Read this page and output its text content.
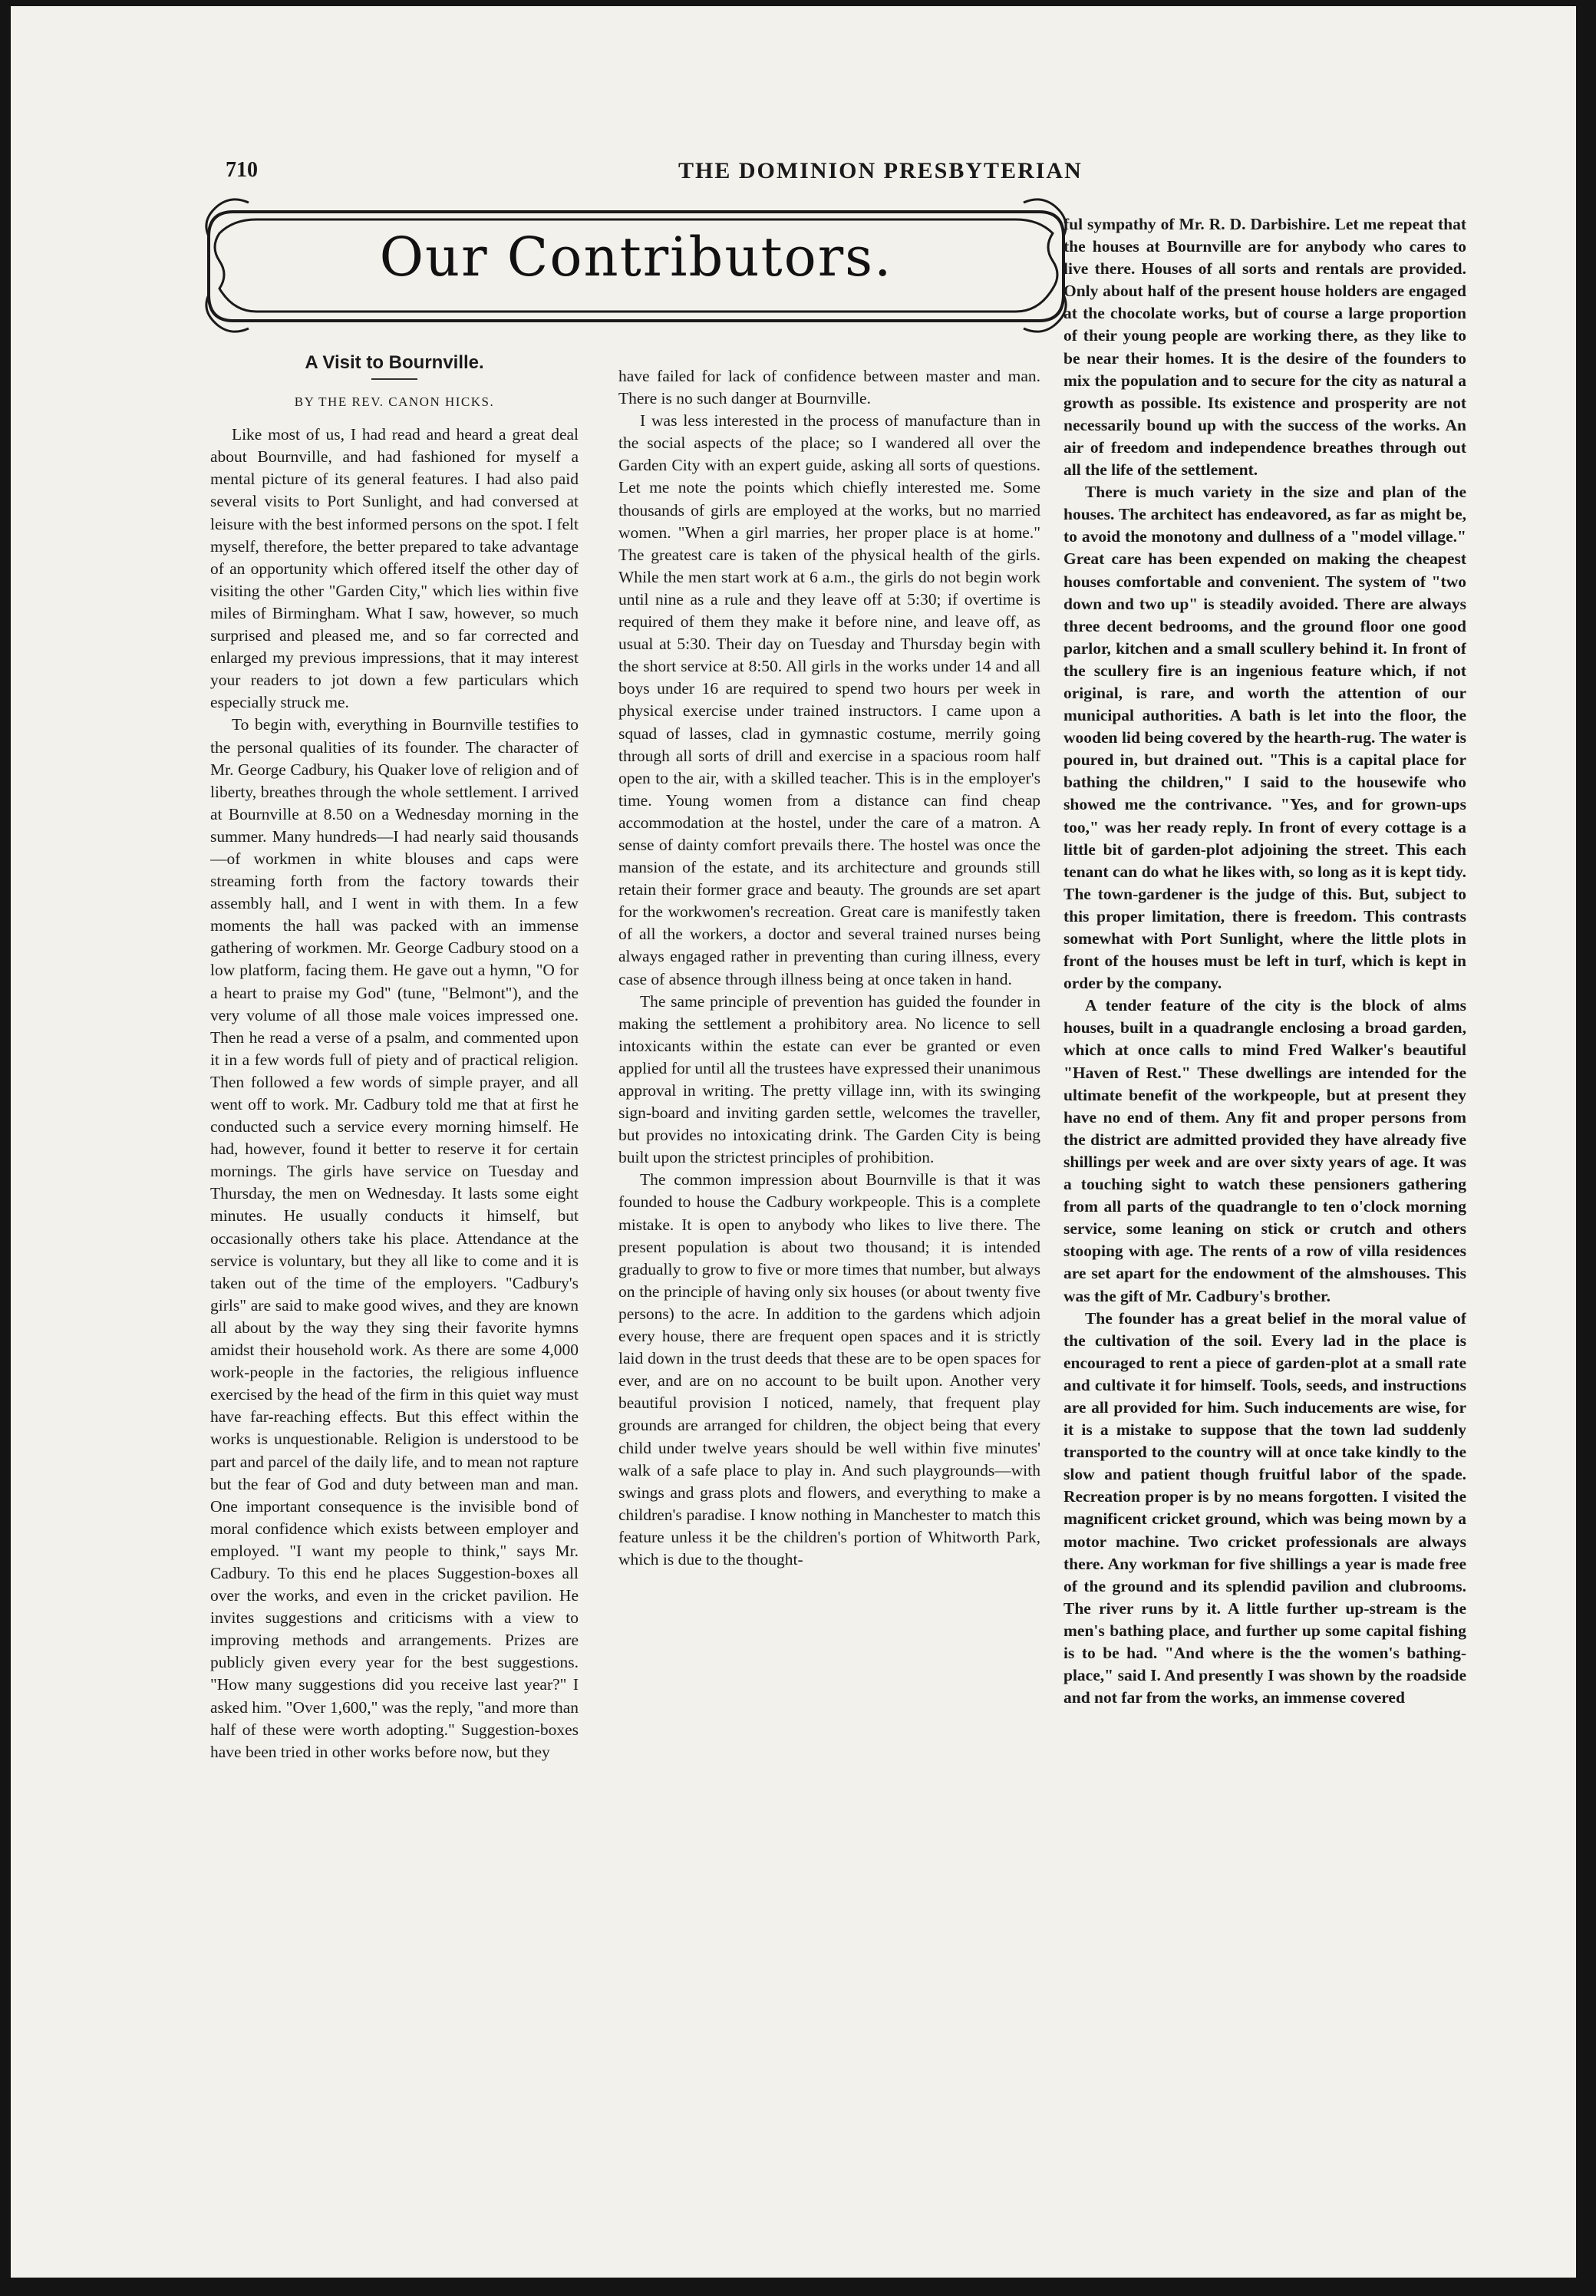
710	THE DOMINION PRESBYTERIAN
Our Contributors.
A Visit to Bournville.
BY THE REV. CANON HICKS.

Like most of us, I had read and heard a great deal about Bournville, and had fashioned for myself a mental picture of its general features. I had also paid several visits to Port Sunlight, and had conversed at leisure with the best informed persons on the spot. I felt myself, therefore, the better prepared to take advantage of an opportunity which offered itself the other day of visiting the other "Garden City," which lies within five miles of Birmingham. What I saw, however, so much surprised and pleased me, and so far corrected and enlarged my previous impressions, that it may interest your readers to jot down a few particulars which especially struck me.

To begin with, everything in Bournville testifies to the personal qualities of its founder. The character of Mr. George Cadbury, his Quaker love of religion and of liberty, breathes through the whole settlement. I arrived at Bournville at 8.50 on a Wednesday morning in the summer. Many hundreds—I had nearly said thousands—of workmen in white blouses and caps were streaming forth from the factory towards their assembly hall, and I went in with them. In a few moments the hall was packed with an immense gathering of workmen. Mr. George Cadbury stood on a low platform, facing them. He gave out a hymn, "O for a heart to praise my God" (tune, "Belmont"), and the very volume of all those male voices impressed one. Then he read a verse of a psalm, and commented upon it in a few words full of piety and of practical religion. Then followed a few words of simple prayer, and all went off to work. Mr. Cadbury told me that at first he conducted such a service every morning himself. He had, however, found it better to reserve it for certain mornings. The girls have service on Tuesday and Thursday, the men on Wednesday. It lasts some eight minutes. He usually conducts it himself, but occasionally others take his place. Attendance at the service is voluntary, but they all like to come and it is taken out of the time of the employers. "Cadbury's girls" are said to make good wives, and they are known all about by the way they sing their favorite hymns amidst their household work. As there are some 4,000 work-people in the factories, the religious influence exercised by the head of the firm in this quiet way must have far-reaching effects. But this effect within the works is unquestionable. Religion is understood to be part and parcel of the daily life, and to mean not rapture but the fear of God and duty between man and man. One important consequence is the invisible bond of moral confidence which exists between employer and employed. "I want my people to think," says Mr. Cadbury. To this end he places Suggestion-boxes all over the works, and even in the cricket pavilion. He invites suggestions and criticisms with a view to improving methods and arrangements. Prizes are publicly given every year for the best suggestions. "How many suggestions did you receive last year?" I asked him. "Over 1,600," was the reply, "and more than half of these were worth adopting." Suggestion-boxes have been tried in other works before now, but they

have failed for lack of confidence between master and man. There is no such danger at Bournville.

I was less interested in the process of manufacture than in the social aspects of the place; so I wandered all over the Garden City with an expert guide, asking all sorts of questions. Let me note the points which chiefly interested me. Some thousands of girls are employed at the works, but no married women. "When a girl marries, her proper place is at home." The greatest care is taken of the physical health of the girls. While the men start work at 6 a.m., the girls do not begin work until nine as a rule and they leave off at 5:30; if overtime is required of them they make it before nine, and leave off, as usual at 5:30. Their day on Tuesday and Thursday begin with the short service at 8:50. All girls in the works under 14 and all boys under 16 are required to spend two hours per week in physical exercise under trained instructors. I came upon a squad of lasses, clad in gymnastic costume, merrily going through all sorts of drill and exercise in a spacious room half open to the air, with a skilled teacher. This is in the employer's time. Young women from a distance can find cheap accommodation at the hostel, under the care of a matron. A sense of dainty comfort prevails there. The hostel was once the mansion of the estate, and its architecture and grounds still retain their former grace and beauty. The grounds are set apart for the workwomen's recreation. Great care is manifestly taken of all the workers, a doctor and several trained nurses being always engaged rather in preventing than curing illness, every case of absence through illness being at once taken in hand.

The same principle of prevention has guided the founder in making the settlement a prohibitory area. No licence to sell intoxicants within the estate can ever be granted or even applied for until all the trustees have expressed their unanimous approval in writing. The pretty village inn, with its swinging sign-board and inviting garden settle, welcomes the traveller, but provides no intoxicating drink. The Garden City is being built upon the strictest principles of prohibition.

The common impression about Bournville is that it was founded to house the Cadbury workpeople. This is a complete mistake. It is open to anybody who likes to live there. The present population is about two thousand; it is intended gradually to grow to five or more times that number, but always on the principle of having only six houses (or about twenty five persons) to the acre. In addition to the gardens which adjoin every house, there are frequent open spaces and it is strictly laid down in the trust deeds that these are to be open spaces for ever, and are on no account to be built upon. Another very beautiful provision I noticed, namely, that frequent play grounds are arranged for children, the object being that every child under twelve years should be well within five minutes' walk of a safe place to play in. And such playgrounds—with swings and grass plots and flowers, and everything to make a children's paradise. I know nothing in Manchester to match this feature unless it be the children's portion of Whitworth Park, which is due to the thought-

ful sympathy of Mr. R. D. Darbishire. Let me repeat that the houses at Bournville are for anybody who cares to live there. Houses of all sorts and rentals are provided. Only about half of the present house holders are engaged at the chocolate works, but of course a large proportion of their young people are working there, as they like to be near their homes. It is the desire of the founders to mix the population and to secure for the city as natural a growth as possible. Its existence and prosperity are not necessarily bound up with the success of the works. An air of freedom and independence breathes through out all the life of the settlement.

There is much variety in the size and plan of the houses. The architect has endeavored, as far as might be, to avoid the monotony and dullness of a "model village." Great care has been expended on making the cheapest houses comfortable and convenient. The system of "two down and two up" is steadily avoided. There are always three decent bedrooms, and the ground floor one good parlor, kitchen and a small scullery behind it. In front of the scullery fire is an ingenious feature which, if not original, is rare, and worth the attention of our municipal authorities. A bath is let into the floor, the wooden lid being covered by the hearth-rug. The water is poured in, but drained out. "This is a capital place for bathing the children," I said to the housewife who showed me the contrivance. "Yes, and for grown-ups too," was her ready reply. In front of every cottage is a little bit of garden-plot adjoining the street. This each tenant can do what he likes with, so long as it is kept tidy. The town-gardener is the judge of this. But, subject to this proper limitation, there is freedom. This contrasts somewhat with Port Sunlight, where the little plots in front of the houses must be left in turf, which is kept in order by the company.

A tender feature of the city is the block of alms houses, built in a quadrangle enclosing a broad garden, which at once calls to mind Fred Walker's beautiful "Haven of Rest." These dwellings are intended for the ultimate benefit of the workpeople, but at present they have no end of them. Any fit and proper persons from the district are admitted provided they have already five shillings per week and are over sixty years of age. It was a touching sight to watch these pensioners gathering from all parts of the quadrangle to ten o'clock morning service, some leaning on stick or crutch and others stooping with age. The rents of a row of villa residences are set apart for the endowment of the almshouses. This was the gift of Mr. Cadbury's brother.

The founder has a great belief in the moral value of the cultivation of the soil. Every lad in the place is encouraged to rent a piece of garden-plot at a small rate and cultivate it for himself. Tools, seeds, and instructions are all provided for him. Such inducements are wise, for it is a mistake to suppose that the town lad suddenly transported to the country will at once take kindly to the slow and patient though fruitful labor of the spade. Recreation proper is by no means forgotten. I visited the magnificent cricket ground, which was being mown by a motor machine. Two cricket professionals are always there. Any workman for five shillings a year is made free of the ground and its splendid pavilion and clubrooms. The river runs by it. A little further up-stream is the men's bathing place, and further up some capital fishing is to be had. "And where is the the women's bathing-place," said I. And presently I was shown by the roadside and not far from the works, an immense covered
